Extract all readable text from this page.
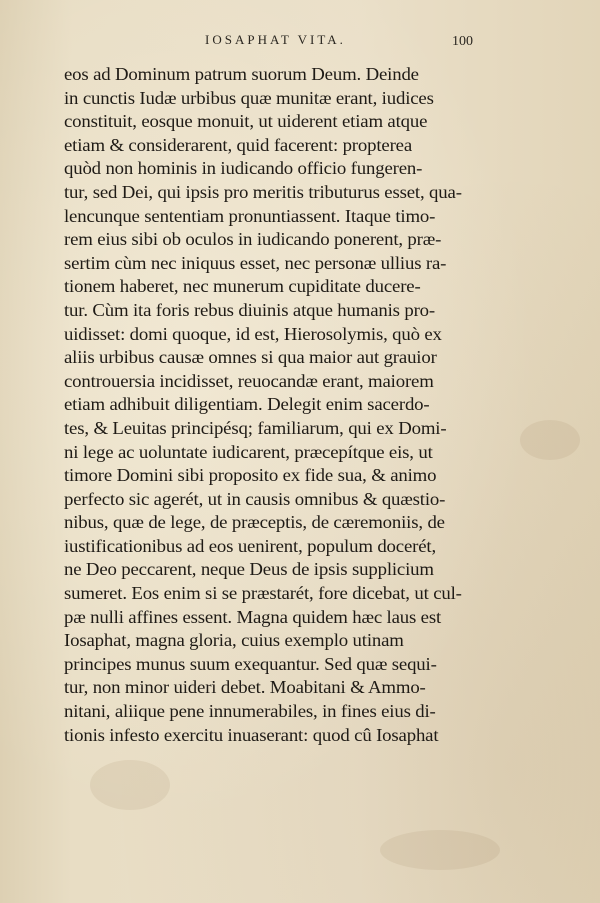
IOSAPHAT VITA.	100
eos ad Dominum patrum suorum Deum. Deinde
in cunctis Iudæ urbibus quæ munitæ erant, iudices
constituit, eosque monuit, ut uiderent etiam atque
etiam & considerarent, quid facerent: propterea
quòd non hominis in iudicando officio fungeren-
tur, sed Dei, qui ipsis pro meritis tributurus esset, qua-
lencunque sententiam pronuntiassent. Itaque timo-
rem eius sibi ob oculos in iudicando ponerent, præ-
sertim cùm nec iniquus esset, nec personæ ullius ra-
tionem haberet, nec munerum cupiditate ducere-
tur. Cùm ita foris rebus diuinis atque humanis pro-
uidisset: domi quoque, id est, Hierosolymis, quò ex
aliis urbibus causæ omnes si qua maior aut grauior
controuersia incidisset, reuocandæ erant, maiorem
etiam adhibuit diligentiam. Delegit enim sacerdo-
tes, & Leuitas principésq; familiarum, qui ex Domi-
ni lege ac uoluntate iudicarent, præcepítque eis, ut
timore Domini sibi proposito ex fide sua, & animo
perfecto sic agerét, ut in causis omnibus & quæstio-
nibus, quæ de lege, de præceptis, de cæremoniis, de
iustificationibus ad eos uenirent, populum docerét,
ne Deo peccarent, neque Deus de ipsis supplicium
sumeret. Eos enim si se præstarét, fore dicebat, ut cul-
pæ nulli affines essent. Magna quidem hæc laus est
Iosaphat, magna gloria, cuius exemplo utinam
principes munus suum exequantur. Sed quæ sequi-
tur, non minor uideri debet. Moabitani & Ammo-
nitani, aliique pene innumerabiles, in fines eius di-
tionis infesto exercitu inuaserant: quod cû Iosaphat
